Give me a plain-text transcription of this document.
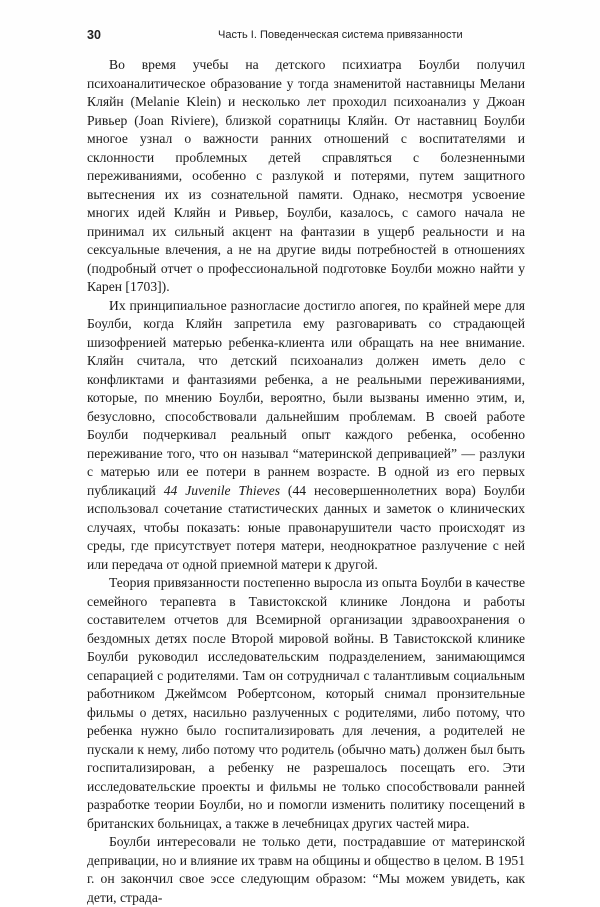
30	Часть I. Поведенческая система привязанности

Во время учебы на детского психиатра Боулби получил психоаналитическое образование у тогда знаменитой наставницы Мелани Кляйн (Melanie Klein) и несколько лет проходил психоанализ у Джоан Ривьер (Joan Riviere), близкой соратницы Кляйн. От наставниц Боулби многое узнал о важности ранних отношений с воспитателями и склонности проблемных детей справляться с болезненными переживаниями, особенно с разлукой и потерями, путем защитного вытеснения их из сознательной памяти. Однако, несмотря усвоение многих идей Кляйн и Ривьер, Боулби, казалось, с самого начала не принимал их сильный акцент на фантазии в ущерб реальности и на сексуальные влечения, а не на другие виды потребностей в отношениях (подробный отчет о профессиональной подготовке Боулби можно найти у Карен [1703]).

Их принципиальное разногласие достигло апогея, по крайней мере для Боулби, когда Кляйн запретила ему разговаривать со страдающей шизофренией матерью ребенка-клиента или обращать на нее внимание. Кляйн считала, что детский психоанализ должен иметь дело с конфликтами и фантазиями ребенка, а не реальными переживаниями, которые, по мнению Боулби, вероятно, были вызваны именно этим, и, безусловно, способствовали дальнейшим проблемам. В своей работе Боулби подчеркивал реальный опыт каждого ребенка, особенно переживание того, что он называл “материнской депривацией” — разлуки с матерью или ее потери в раннем возрасте. В одной из его первых публикаций 44 Juvenile Thieves (44 несовершеннолетних вора) Боулби использовал сочетание статистических данных и заметок о клинических случаях, чтобы показать: юные правонарушители часто происходят из среды, где присутствует потеря матери, неоднократное разлучение с ней или передача от одной приемной матери к другой.

Теория привязанности постепенно выросла из опыта Боулби в качестве семейного терапевта в Тавистокской клинике Лондона и работы составителем отчетов для Всемирной организации здравоохранения о бездомных детях после Второй мировой войны. В Тавистокской клинике Боулби руководил исследовательским подразделением, занимающимся сепарацией с родителями. Там он сотрудничал с талантливым социальным работником Джеймсом Робертсоном, который снимал пронзительные фильмы о детях, насильно разлученных с родителями, либо потому, что ребенка нужно было госпитализировать для лечения, а родителей не пускали к нему, либо потому что родитель (обычно мать) должен был быть госпитализирован, а ребенку не разрешалось посещать его. Эти исследовательские проекты и фильмы не только способствовали ранней разработке теории Боулби, но и помогли изменить политику посещений в британских больницах, а также в лечебницах других частей мира.

Боулби интересовали не только дети, пострадавшие от материнской депривации, но и влияние их травм на общины и общество в целом. В 1951 г. он закончил свое эссе следующим образом: “Мы можем увидеть, как дети, страда-
